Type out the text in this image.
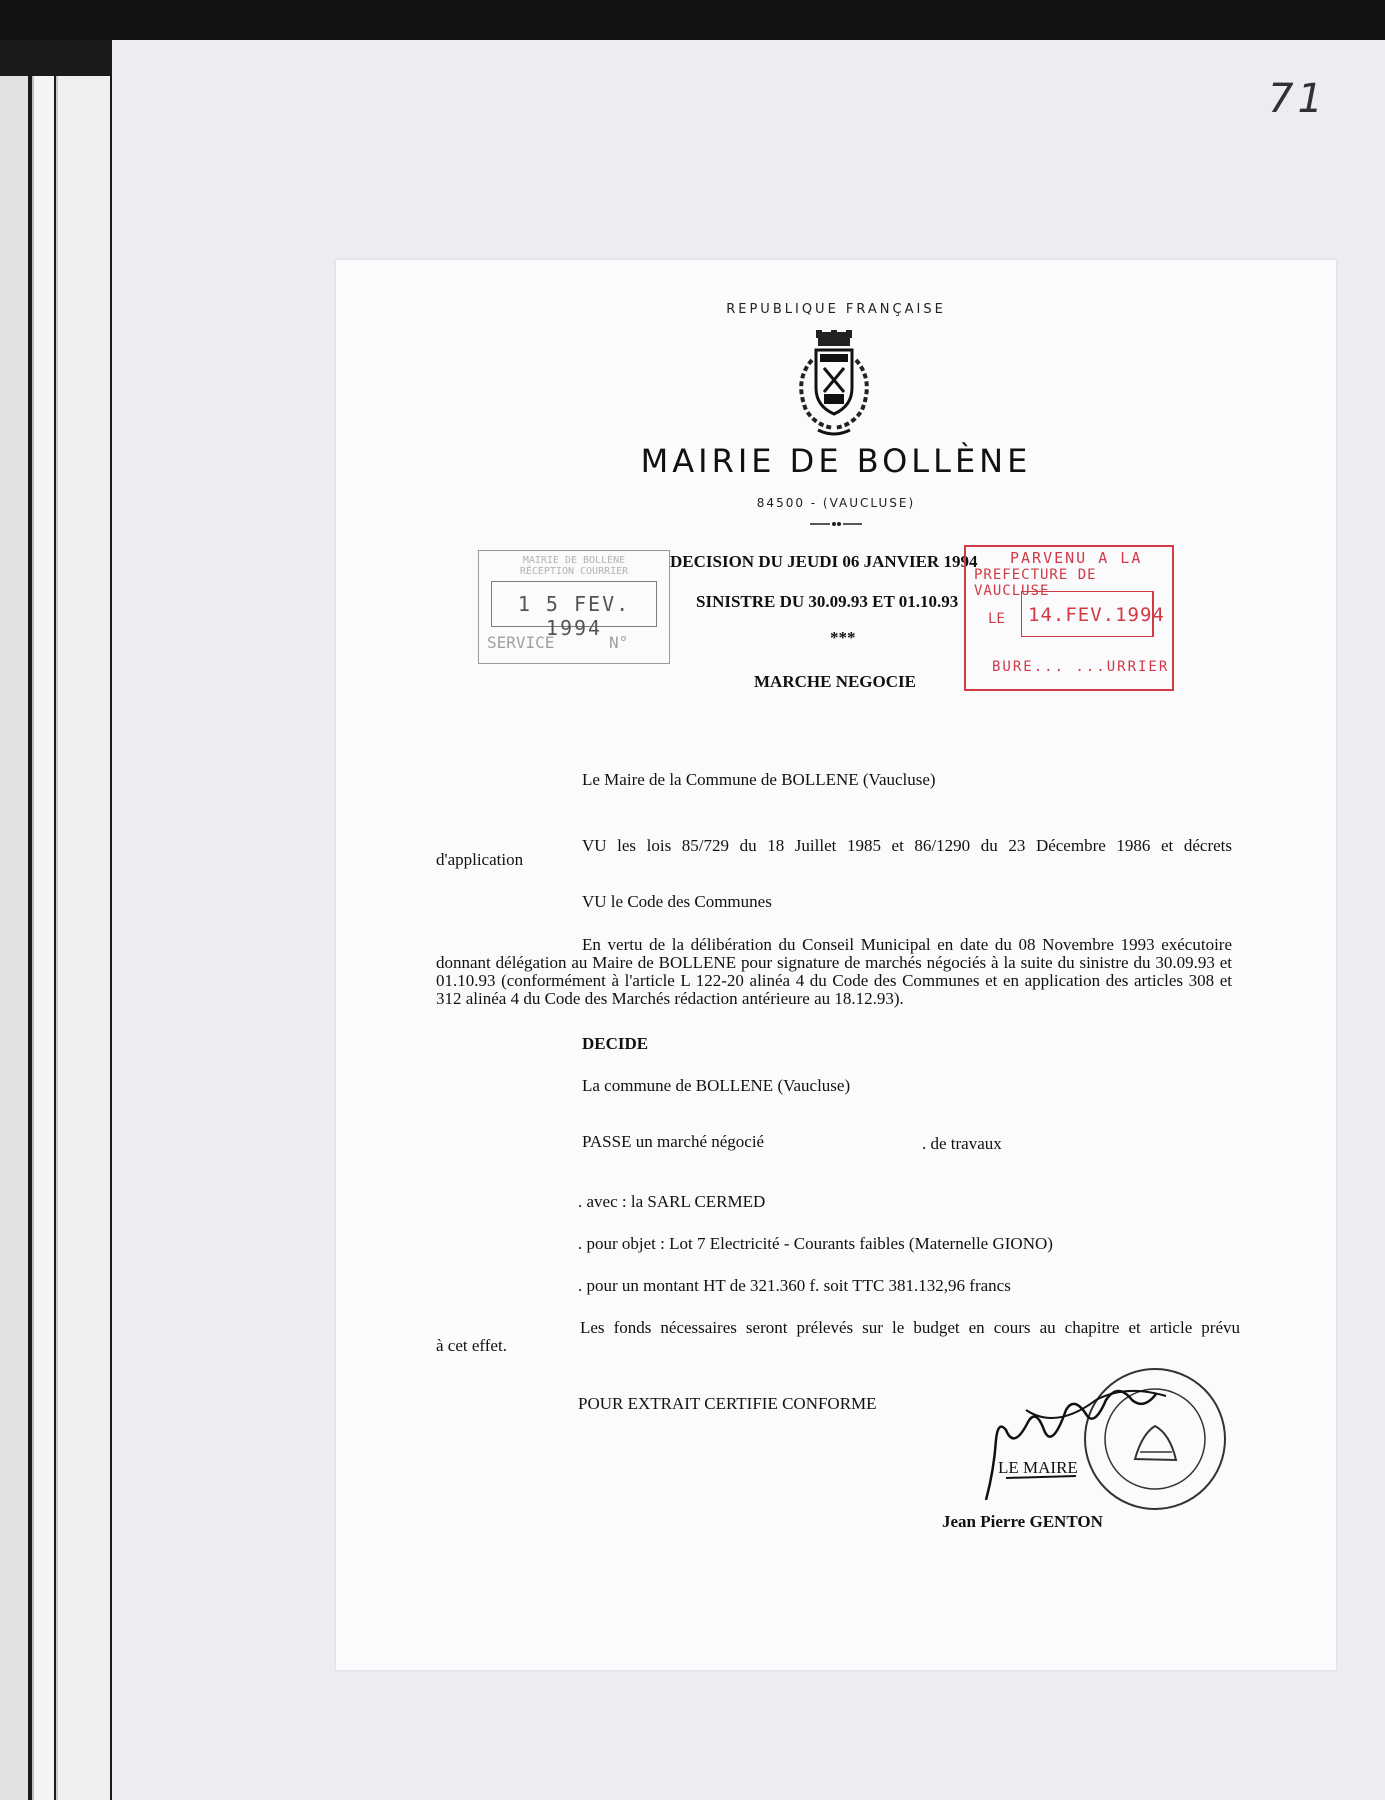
71
REPUBLIQUE FRANÇAISE
MAIRIE DE BOLLÈNE
84500 - (VAUCLUSE)
MAIRIE DE BOLLÈNE RÉCEPTION COURRIER
1 5 FEV. 1994
SERVICE	N°
DECISION DU JEUDI 06 JANVIER 1994
SINISTRE DU 30.09.93 ET 01.10.93
***
MARCHE NEGOCIE
PARVENU A LA
PREFECTURE DE VAUCLUSE
LE 14.FEV.1994
BURE... ...URRIER
Le Maire de la Commune de BOLLENE (Vaucluse)
VU les lois 85/729 du 18 Juillet 1985 et 86/1290 du 23 Décembre 1986 et décrets
d'application
VU le Code des Communes
En vertu de la délibération du Conseil Municipal en date du 08 Novembre 1993 exécutoire donnant délégation au Maire de BOLLENE pour signature de marchés négociés à la suite du sinistre du 30.09.93 et 01.10.93 (conformément à l'article L 122-20 alinéa 4 du Code des Communes et en application des articles 308 et 312 alinéa 4 du Code des Marchés rédaction antérieure au 18.12.93).
DECIDE
La commune de BOLLENE (Vaucluse)
PASSE un marché négocié	. de travaux
. avec : la SARL CERMED
. pour objet : Lot 7 Electricité - Courants faibles (Maternelle GIONO)
. pour un montant HT de 321.360 f. soit TTC 381.132,96 francs
Les fonds nécessaires seront prélevés sur le budget en cours au chapitre et article prévu
à cet effet.
POUR EXTRAIT CERTIFIE CONFORME
LE MAIRE
Jean Pierre GENTON
